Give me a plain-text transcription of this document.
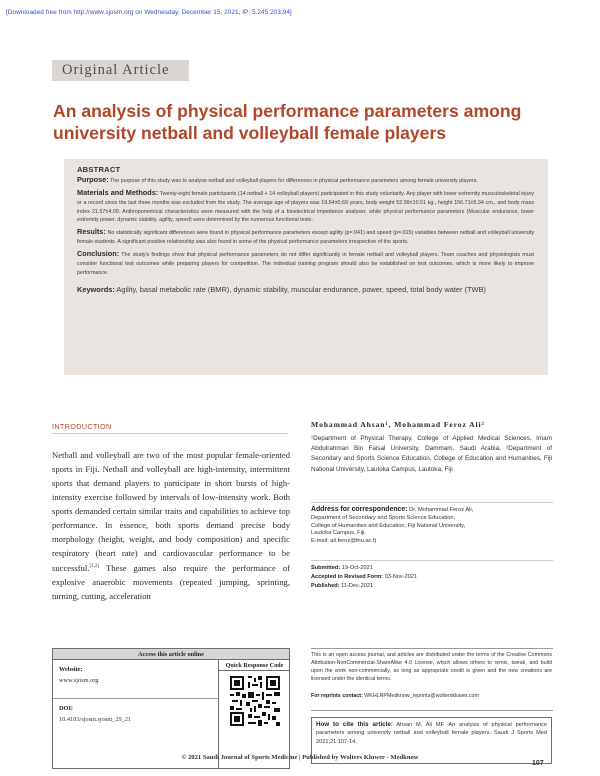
[Downloaded free from http://www.sjosm.org on Wednesday, December 15, 2021, IP: 5.245.203.94]
Original Article
An analysis of physical performance parameters among university netball and volleyball female players
ABSTRACT

Purpose: The purpose of this study was to analyse netball and volleyball players for differences in physical performance parameters among female university players.

Materials and Methods: Twenty-eight female participants (14 netball + 14 volleyball players) participated in this study voluntarily. Any player with lower extremity musculoskeletal injury or a record since the last three months was excluded from the study. The average age of players was 19.54±0.69 years, body weight 52.99±10.51 kg., height 156.71±5.34 cm., and body mass index 21.57±4.09. Anthropometrical characteristics were measured with the help of a bioelectrical impedance analyser, while physical performance parameters (Muscular endurance, lower extremity power, dynamic stability, agility, speed) were determined by the numerous functional tests.

Results: No statistically significant differences were found in physical performance parameters except agility (p=.041) and speed (p=.015) variables between netball and volleyball university female students. A significant positive relationship was also found in some of the physical performance parameters irrespective of the sports.

Conclusion: The study's findings show that physical performance parameters do not differ significantly in female netball and volleyball players. Team coaches and physiologists must consider functional test outcomes while preparing players for competition. The individual training program should also be established on test outcomes, which is more likely to improve performance.

Keywords: Agility, basal metabolic rate (BMR), dynamic stability, muscular endurance, power, speed, total body water (TWB)

INTRODUCTION
Netball and volleyball are two of the most popular female-oriented sports in Fiji. Netball and volleyball are high-intensity, intermittent sports that demand players to participate in short bursts of high-intensity exercise followed by intervals of low-intensity work. Both sports demanded certain similar traits and capabilities to achieve top performance. In essence, both sports demand precise body morphology (height, weight, and body composition) and specific respiratory (heart rate) and cardiovascular performance to be successful.[1,2] These games also require the performance of explosive anaerobic movements (repeated jumping, sprinting, turning, cutting, acceleration
Mohammad Ahsan¹, Mohammad Feroz Ali²
¹Department of Physical Therapy, College of Applied Medical Sciences, Imam Abdulrahman Bin Faisal University, Dammam, Saudi Arabia, ²Department of Secondary and Sports Science Education, College of Education and Humanities, Fiji National University, Lautoka Campus, Lautoka, Fiji
Address for correspondence: Dr. Mohammad Feroz Ali,
Department of Secondary and Sports Science Education,
College of Humanities and Education, Fiji National University,
Lautoka Campus, Fiji.
E-mail: ali.feroz@fnu.ac.fj
Submitted: 19-Oct-2021
Accepted in Revised Form: 03-Nov-2021
Published: 11-Dec-2021
Access this article online
Website:
www.sjosm.org
DOI:
10.4103/sjosm.sjosm_29_21
Quick Response Code
This is an open access journal, and articles are distributed under the terms of the Creative Commons Attribution-NonCommercial-ShareAlike 4.0 License, which allows others to remix, tweak, and build upon the work non-commercially, as long as appropriate credit is given and the new creations are licensed under the identical terms.
For reprints contact: WKHLRPMedknow_reprints@wolterskluwer.com
How to cite this article: Ahsan M, Ali MF. An analysis of physical performance parameters among university netball and volleyball female players. Saudi J Sports Med 2021;21:107-14.
© 2021 Saudi Journal of Sports Medicine | Published by Wolters Kluwer - Medknow
107
